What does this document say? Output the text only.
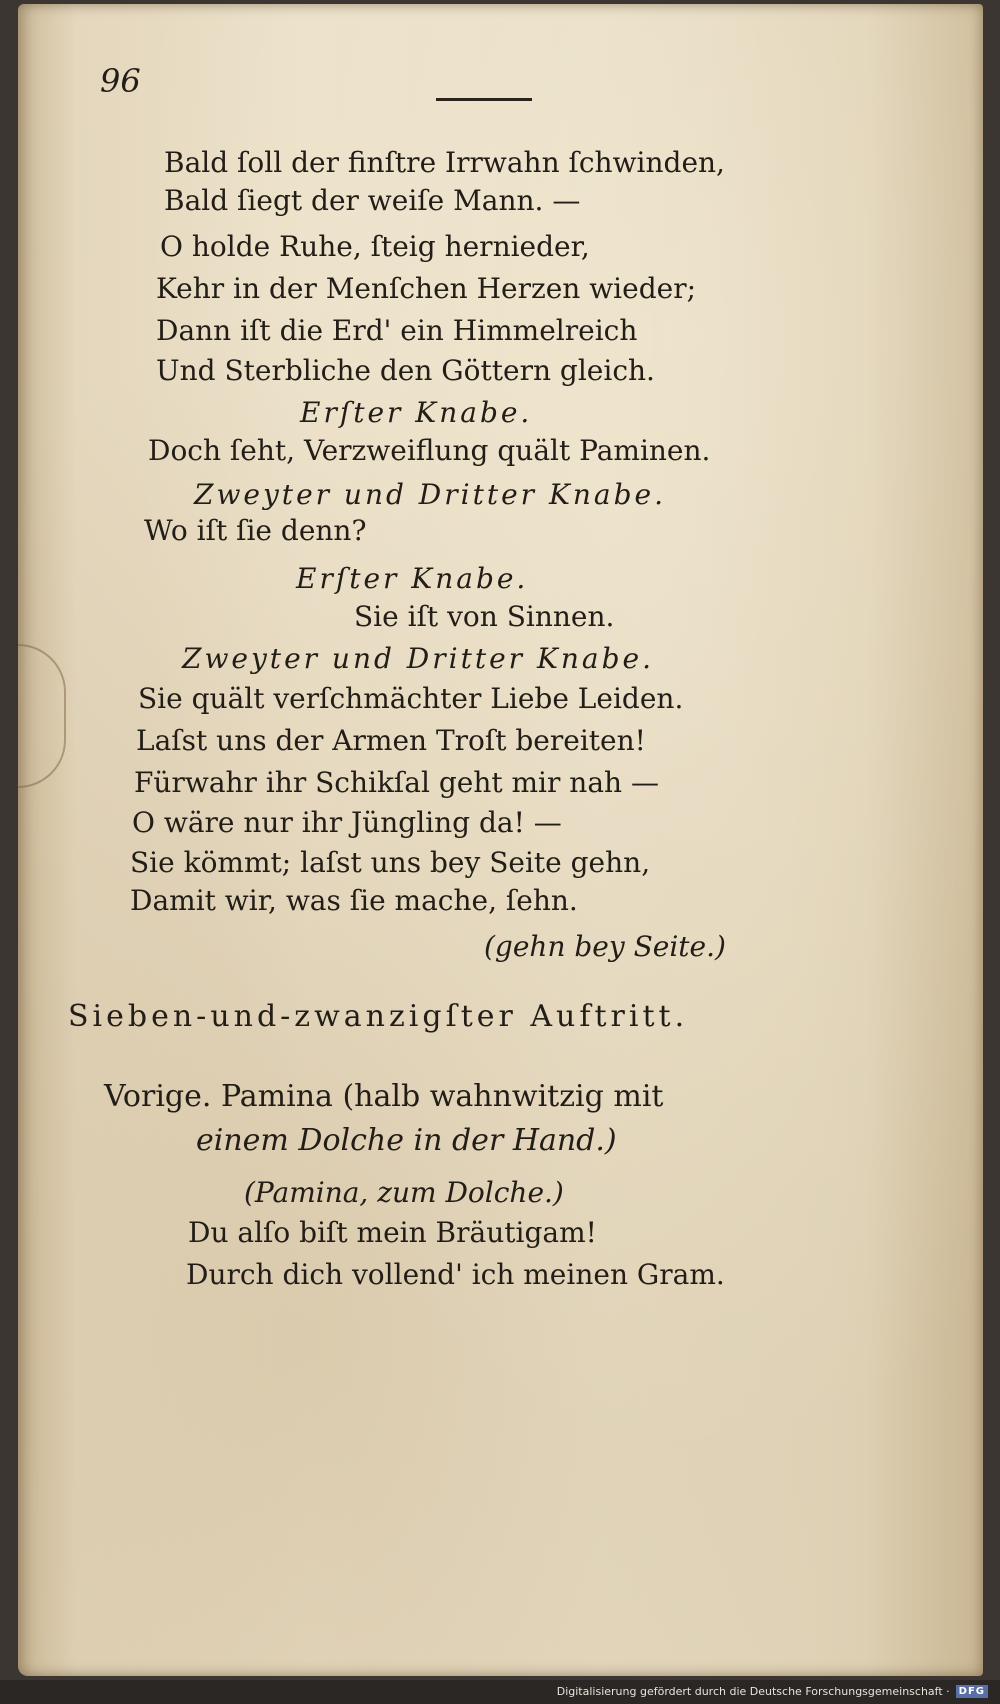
96

Bald ſoll der finſtre Irrwahn ſchwinden,

Bald ſiegt der weiſe Mann. —

O holde Ruhe, ſteig hernieder,

Kehr in der Menſchen Herzen wieder;

Dann iſt die Erd' ein Himmelreich

Und Sterbliche den Göttern gleich.

Erſter Knabe.

Doch ſeht, Verzweiflung quält Paminen.

Zweyter und Dritter Knabe.

Wo iſt ſie denn?

Erſter Knabe.

Sie iſt von Sinnen.

Zweyter und Dritter Knabe.

Sie quält verſchmächter Liebe Leiden.

Laſst uns der Armen Troſt bereiten!

Fürwahr ihr Schikſal geht mir nah —

O wäre nur ihr Jüngling da! —

Sie kömmt; laſst uns bey Seite gehn,

Damit wir, was ſie mache, ſehn.

(gehn bey Seite.)

Sieben-und-zwanzigſter Auftritt.

Vorige. Pamina (halb wahnwitzig mit

einem Dolche in der Hand.)

(Pamina, zum Dolche.)

Du alſo biſt mein Bräutigam!

Durch dich vollend' ich meinen Gram.

Digitalisierung gefördert durch die Deutsche Forschungsgemeinschaft · DFG
